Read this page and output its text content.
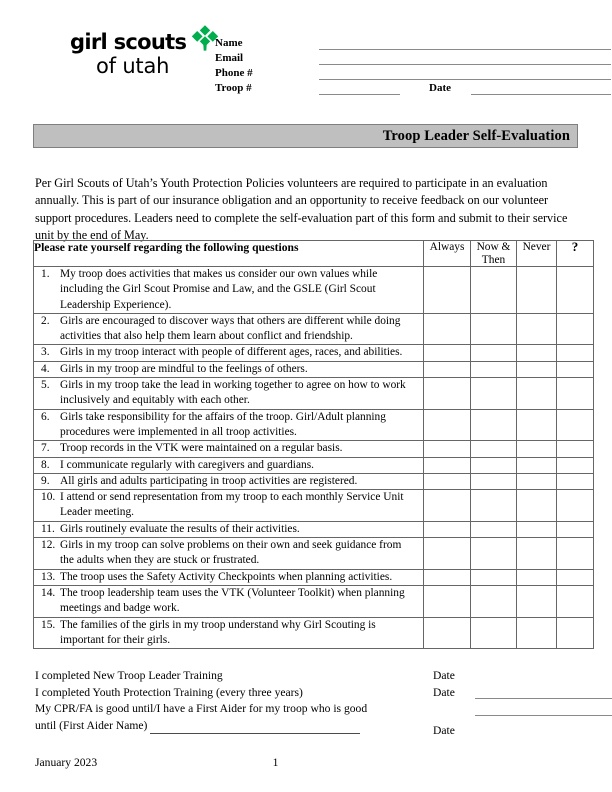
girl scouts
of utah
Name
Email
Phone #
Troop #	Date
Troop Leader Self-Evaluation

Per Girl Scouts of Utah’s Youth Protection Policies volunteers are required to participate in an evaluation annually. This is part of our insurance obligation and an opportunity to receive feedback on our volunteer support procedures. Leaders need to complete the self-evaluation part of this form and submit to their service unit by the end of May.

Please rate yourself regarding the following questions	Always	Now & Then	Never	?
1. My troop does activities that makes us consider our own values while including the Girl Scout Promise and Law, and the GSLE (Girl Scout Leadership Experience).				
2. Girls are encouraged to discover ways that others are different while doing activities that also help them learn about conflict and friendship.				
3. Girls in my troop interact with people of different ages, races, and abilities.				
4. Girls in my troop are mindful to the feelings of others.				
5. Girls in my troop take the lead in working together to agree on how to work inclusively and equitably with each other.				
6. Girls take responsibility for the affairs of the troop. Girl/Adult planning procedures were implemented in all troop activities.				
7. Troop records in the VTK were maintained on a regular basis.				
8. I communicate regularly with caregivers and guardians.				
9. All girls and adults participating in troop activities are registered.				
10. I attend or send representation from my troop to each monthly Service Unit Leader meeting.				
11. Girls routinely evaluate the results of their activities.				
12. Girls in my troop can solve problems on their own and seek guidance from the adults when they are stuck or frustrated.				
13. The troop uses the Safety Activity Checkpoints when planning activities.				
14. The troop leadership team uses the VTK (Volunteer Toolkit) when planning meetings and badge work.				
15. The families of the girls in my troop understand why Girl Scouting is important for their girls.				
I completed New Troop Leader Training	Date
I completed Youth Protection Training (every three years)	Date
My CPR/FA is good until/I have a First Aider for my troop who is good
until (First Aider Name)	Date
January 2023	1
